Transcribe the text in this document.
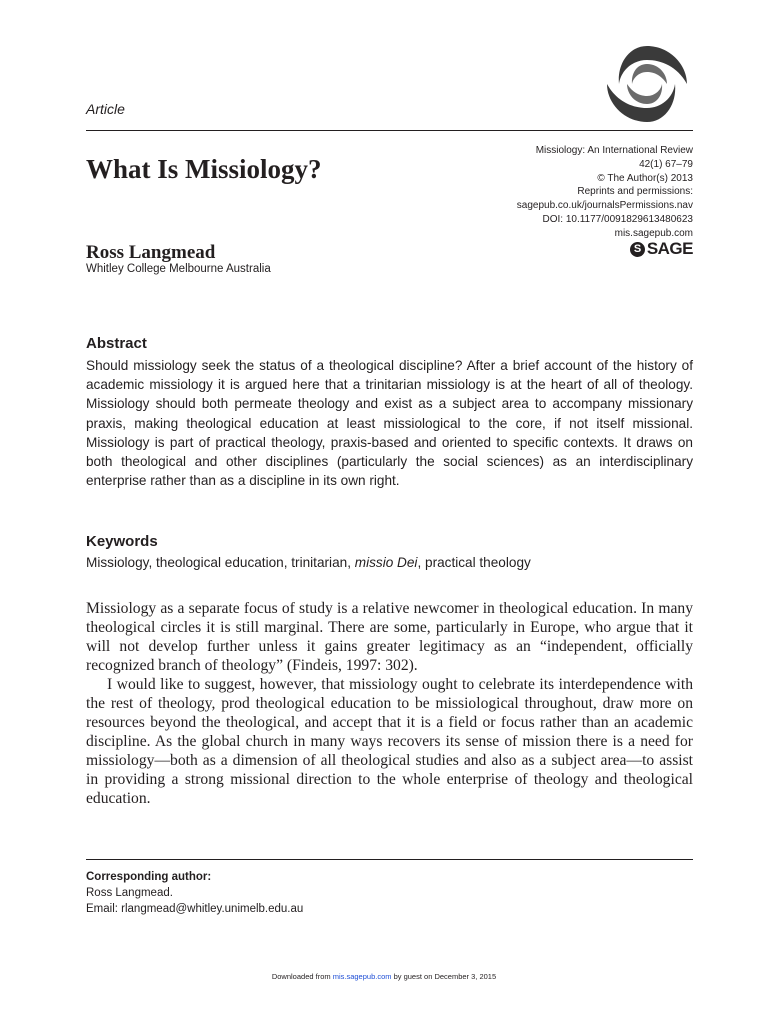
Article
What Is Missiology?
Missiology: An International Review
42(1) 67–79
© The Author(s) 2013
Reprints and permissions:
sagepub.co.uk/journalsPermissions.nav
DOI: 10.1177/0091829613480623
mis.sagepub.com
S SAGE
Ross Langmead
Whitley College Melbourne Australia
Abstract

Should missiology seek the status of a theological discipline? After a brief account of the history of academic missiology it is argued here that a trinitarian missiology is at the heart of all of theology. Missiology should both permeate theology and exist as a subject area to accompany missionary praxis, making theological education at least missiological to the core, if not itself missional. Missiology is part of practical theology, praxis-based and oriented to specific contexts. It draws on both theological and other disciplines (particularly the social sciences) as an interdisciplinary enterprise rather than as a discipline in its own right.

Keywords
Missiology, theological education, trinitarian, missio Dei, practical theology

Missiology as a separate focus of study is a relative newcomer in theological education. In many theological circles it is still marginal. There are some, particularly in Europe, who argue that it will not develop further unless it gains greater legitimacy as an “independent, officially recognized branch of theology” (Findeis, 1997: 302).

I would like to suggest, however, that missiology ought to celebrate its interdependence with the rest of theology, prod theological education to be missiological throughout, draw more on resources beyond the theological, and accept that it is a field or focus rather than an academic discipline. As the global church in many ways recovers its sense of mission there is a need for missiology—both as a dimension of all theological studies and also as a subject area—to assist in providing a strong missional direction to the whole enterprise of theology and theological education.

Corresponding author:
Ross Langmead.
Email: rlangmead@whitley.unimelb.edu.au
Downloaded from mis.sagepub.com by guest on December 3, 2015
